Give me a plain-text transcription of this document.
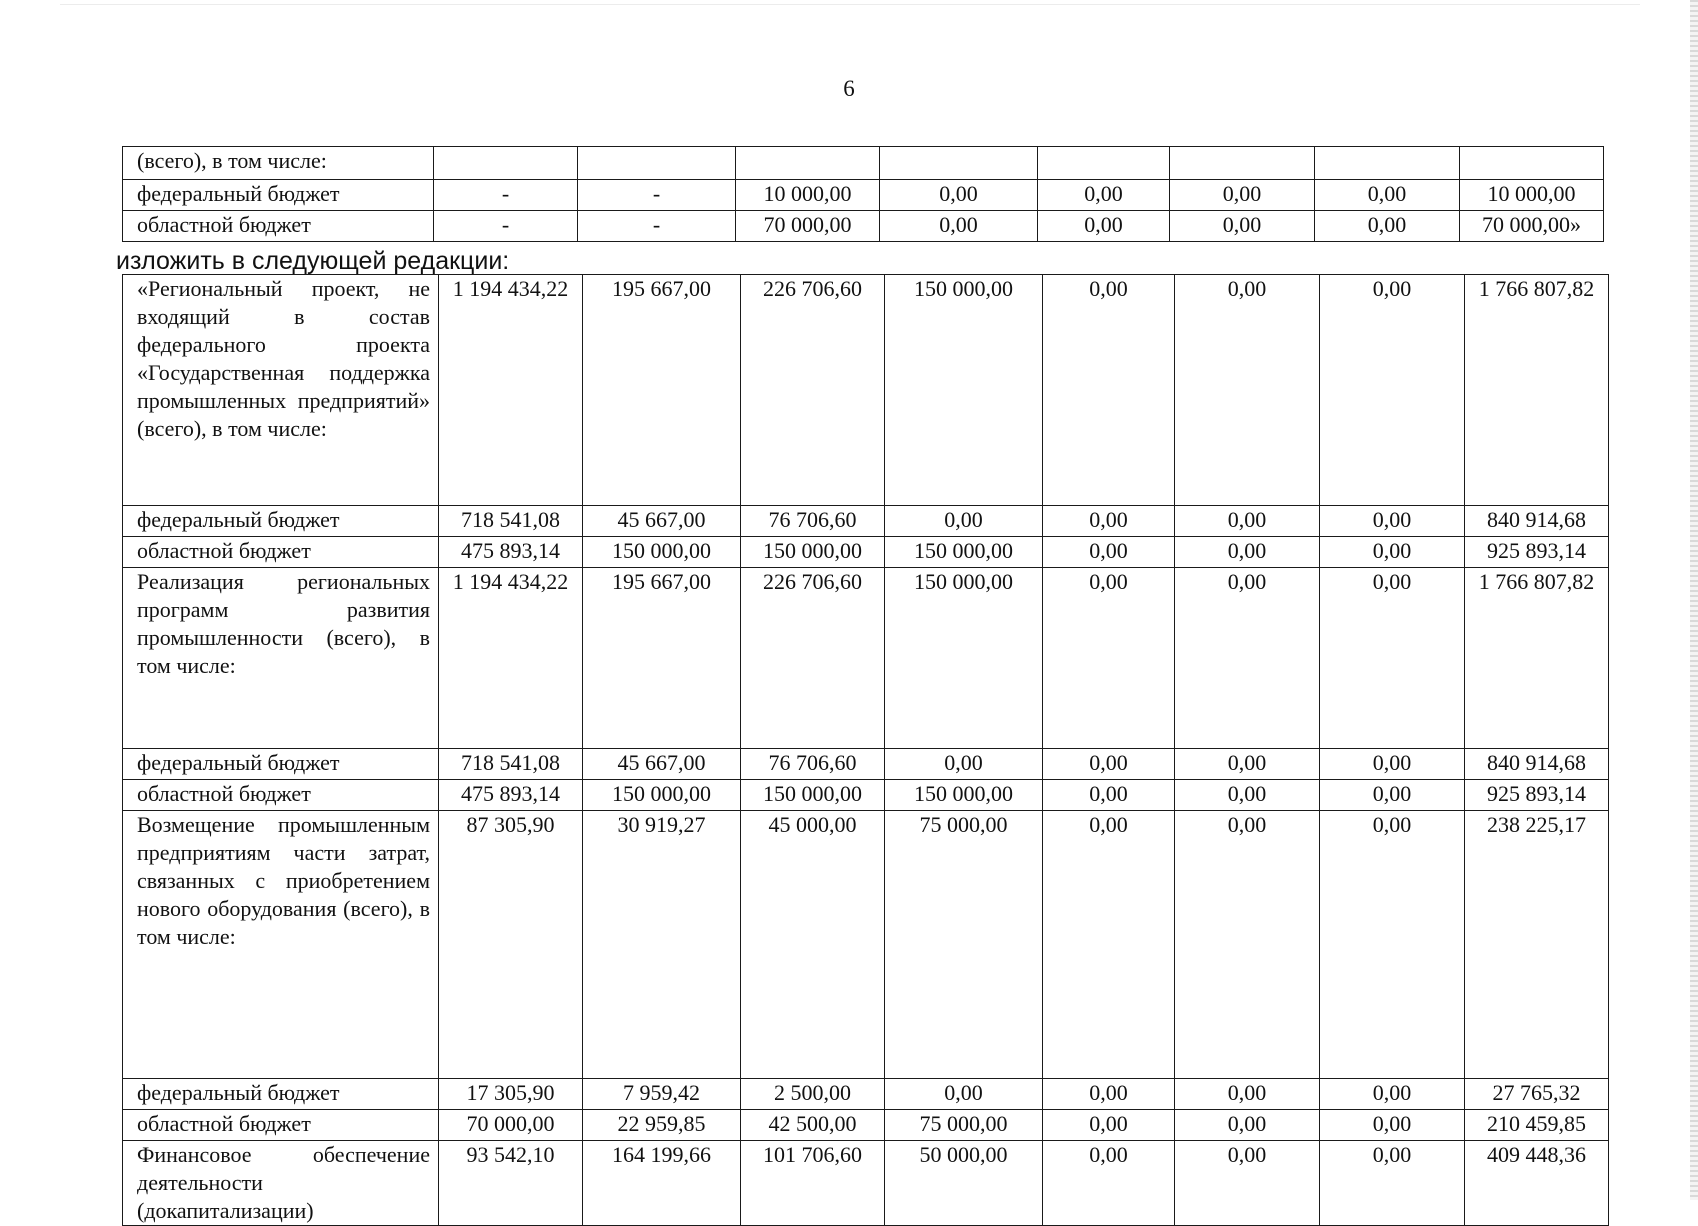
6
(всего), в том числе:								
федеральный бюджет	-	-	10 000,00	0,00	0,00	0,00	0,00	10 000,00
областной бюджет	-	-	70 000,00	0,00	0,00	0,00	0,00	70 000,00»
изложить в следующей редакции:
«Региональный проект, не входящий в состав федерального проекта «Государственная поддержка промышленных предприятий» (всего), в том числе:	1 194 434,22	195 667,00	226 706,60	150 000,00	0,00	0,00	0,00	1 766 807,82
федеральный бюджет	718 541,08	45 667,00	76 706,60	0,00	0,00	0,00	0,00	840 914,68
областной бюджет	475 893,14	150 000,00	150 000,00	150 000,00	0,00	0,00	0,00	925 893,14
Реализация региональных программ развития промышленности (всего), в том числе:	1 194 434,22	195 667,00	226 706,60	150 000,00	0,00	0,00	0,00	1 766 807,82
федеральный бюджет	718 541,08	45 667,00	76 706,60	0,00	0,00	0,00	0,00	840 914,68
областной бюджет	475 893,14	150 000,00	150 000,00	150 000,00	0,00	0,00	0,00	925 893,14
Возмещение промышленным предприятиям части затрат, связанных с приобретением нового оборудования (всего), в том числе:	87 305,90	30 919,27	45 000,00	75 000,00	0,00	0,00	0,00	238 225,17
федеральный бюджет	17 305,90	7 959,42	2 500,00	0,00	0,00	0,00	0,00	27 765,32
областной бюджет	70 000,00	22 959,85	42 500,00	75 000,00	0,00	0,00	0,00	210 459,85
Финансовое обеспечение деятельности (докапитализации)	93 542,10	164 199,66	101 706,60	50 000,00	0,00	0,00	0,00	409 448,36
